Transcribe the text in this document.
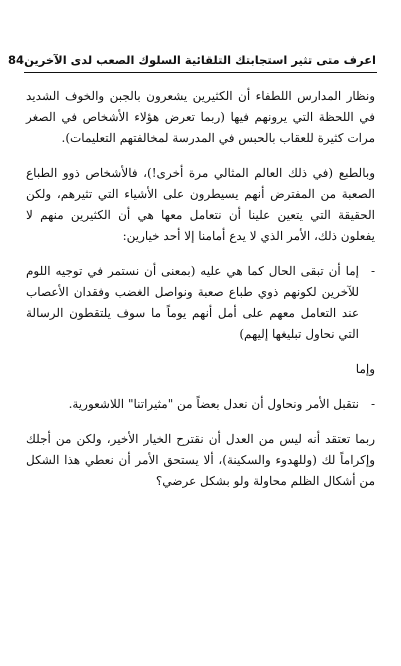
اعرف متى تثير استجابتك التلقائية السلوك الصعب لدى الآخرين84

ونظار المدارس اللطفاء أن الكثيرين يشعرون بالجبن والخوف الشديد في اللحظة التي يرونهم فيها (ربما تعرض هؤلاء الأشخاص في الصغر مرات كثيرة للعقاب بالحبس في المدرسة لمخالفتهم التعليمات).

وبالطبع (في ذلك العالم المثالي مرة أخرى!)، فالأشخاص ذوو الطباع الصعبة من المفترض أنهم يسيطرون على الأشياء التي تثيرهم، ولكن الحقيقة التي يتعين علينا أن نتعامل معها هي أن الكثيرين منهم لا يفعلون ذلك، الأمر الذي لا يدع أمامنا إلا أحد خيارين:

-
إما أن تبقى الحال كما هي عليه (بمعنى أن نستمر في توجيه اللوم للآخرين لكونهم ذوي طباع صعبة ونواصل الغضب وفقدان الأعصاب عند التعامل معهم على أمل أنهم يوماً ما سوف يلتقطون الرسالة التي نحاول تبليغها إليهم)

وإما

-
نتقبل الأمر ونحاول أن نعدل بعضاً من "مثيراتنا" اللاشعورية.

ربما تعتقد أنه ليس من العدل أن نقترح الخيار الأخير، ولكن من أجلك وإكراماً لك (وللهدوء والسكينة)، ألا يستحق الأمر أن نعطي هذا الشكل من أشكال الظلم محاولة ولو بشكل عرضي؟
